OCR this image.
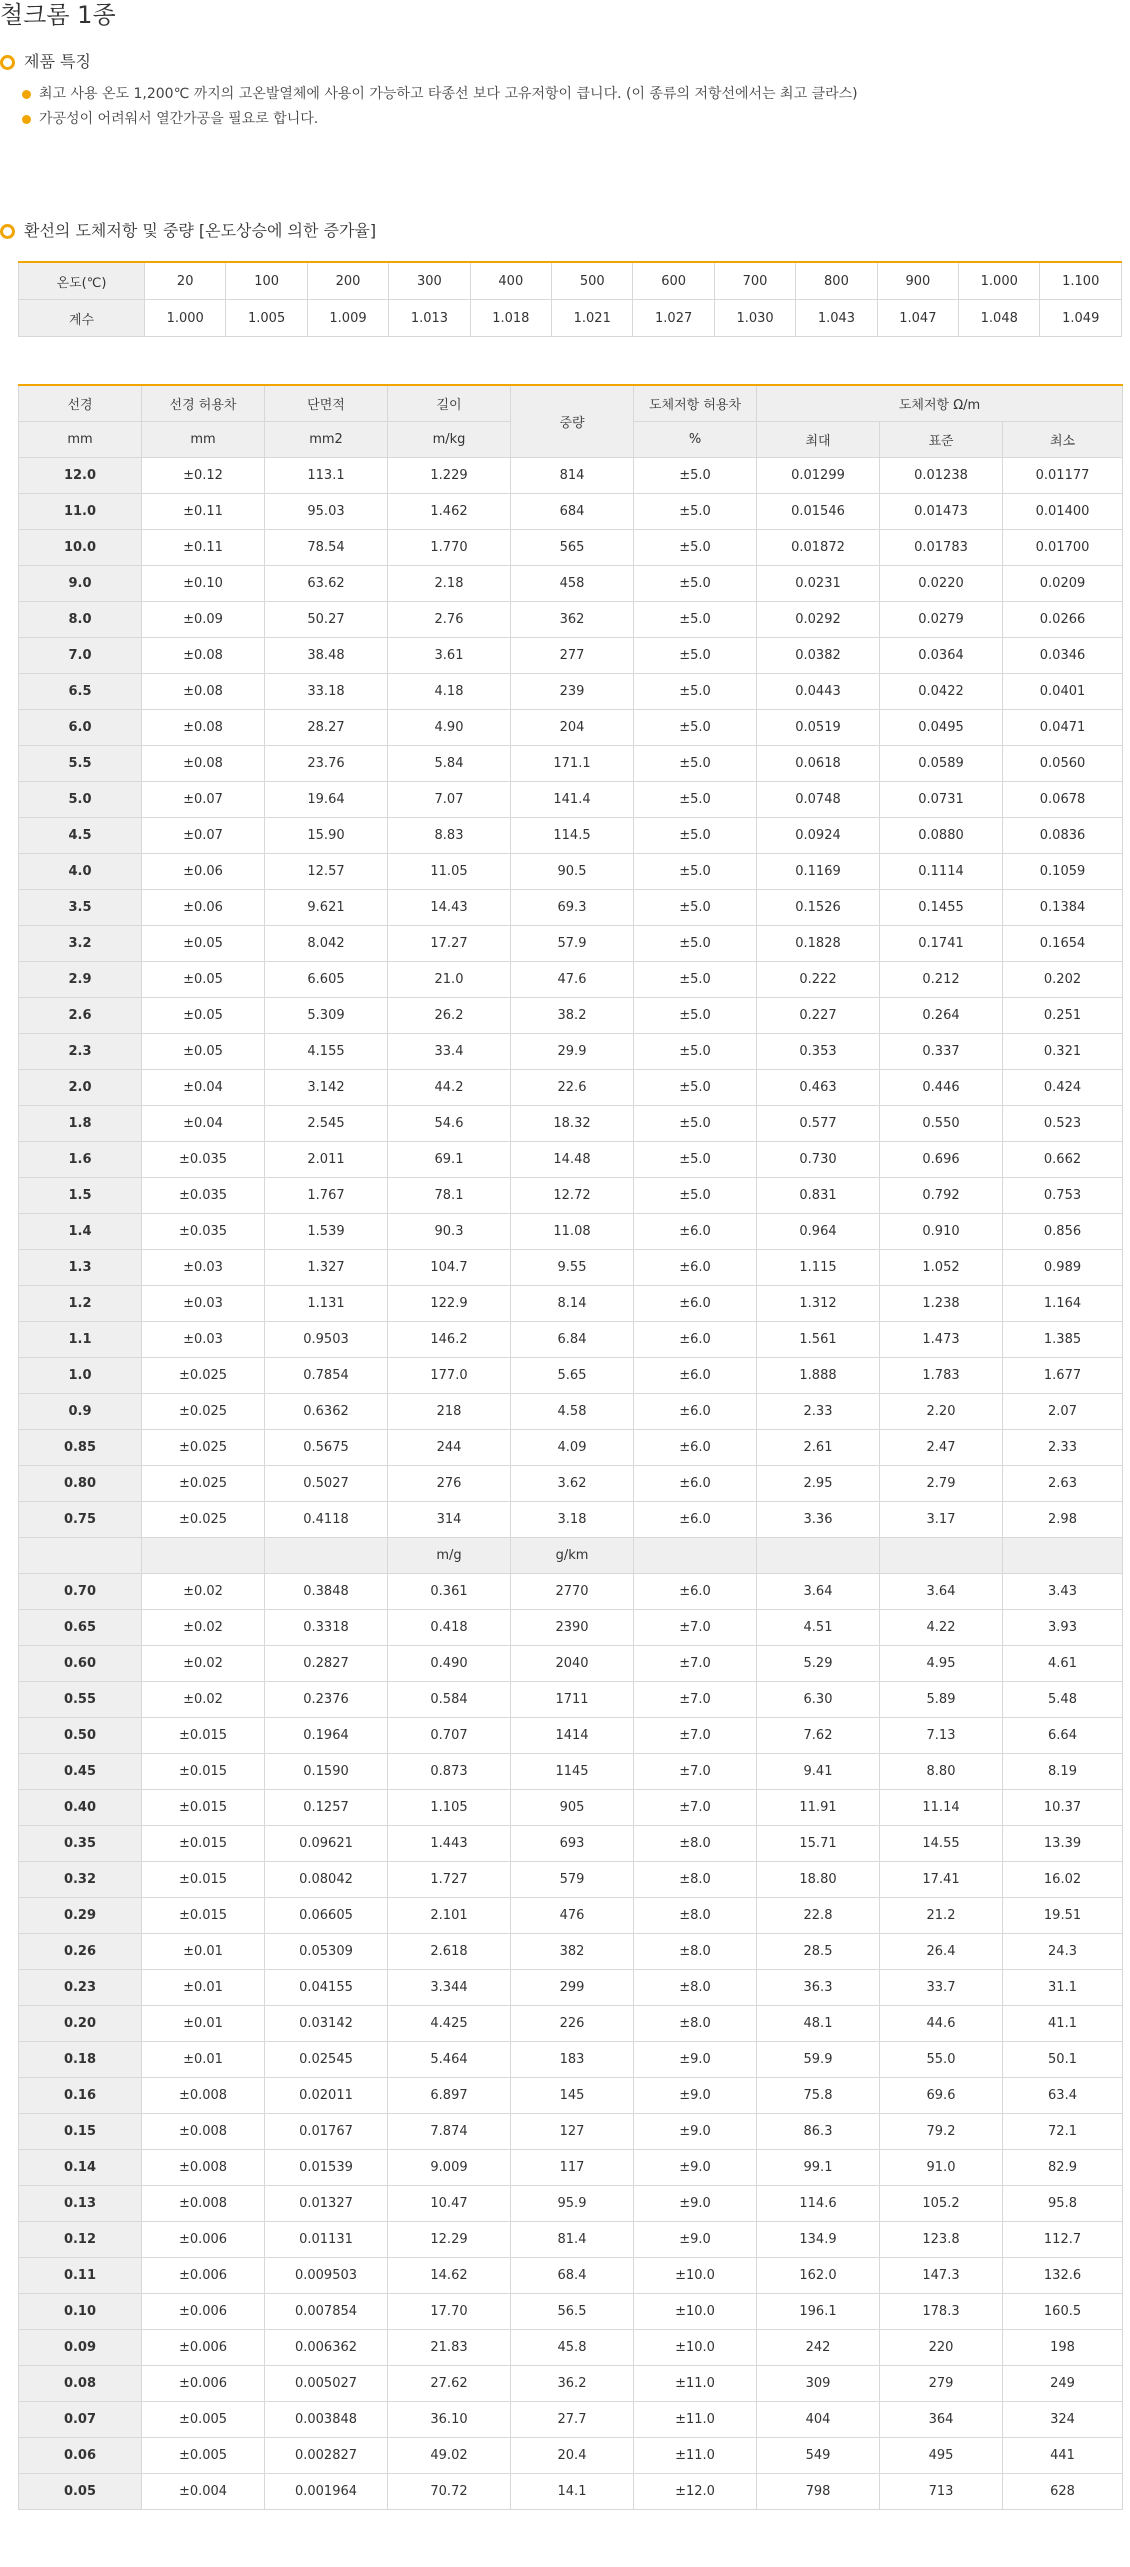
철크롬 1종
제품 특징
최고 사용 온도 1,200℃ 까지의 고온발열체에 사용이 가능하고 타종선 보다 고유저항이 큽니다. (이 종류의 저항선에서는 최고 클라스)
가공성이 어려워서 열간가공을 필요로 합니다.
환선의 도체저항 및 중량 [온도상승에 의한 증가율]
온도(℃)	20	100	200	300	400	500	600	700	800	900	1.000	1.100
계수	1.000	1.005	1.009	1.013	1.018	1.021	1.027	1.030	1.043	1.047	1.048	1.049
선경	선경 허용차	단면적	길이	중량	도체저항 허용차	도체저항 Ω/m		
mm	mm	mm2	m/kg		%	최대	표준	최소
12.0	±0.12	113.1	1.229	814	±5.0	0.01299	0.01238	0.01177
11.0	±0.11	95.03	1.462	684	±5.0	0.01546	0.01473	0.01400
10.0	±0.11	78.54	1.770	565	±5.0	0.01872	0.01783	0.01700
9.0	±0.10	63.62	2.18	458	±5.0	0.0231	0.0220	0.0209
8.0	±0.09	50.27	2.76	362	±5.0	0.0292	0.0279	0.0266
7.0	±0.08	38.48	3.61	277	±5.0	0.0382	0.0364	0.0346
6.5	±0.08	33.18	4.18	239	±5.0	0.0443	0.0422	0.0401
6.0	±0.08	28.27	4.90	204	±5.0	0.0519	0.0495	0.0471
5.5	±0.08	23.76	5.84	171.1	±5.0	0.0618	0.0589	0.0560
5.0	±0.07	19.64	7.07	141.4	±5.0	0.0748	0.0731	0.0678
4.5	±0.07	15.90	8.83	114.5	±5.0	0.0924	0.0880	0.0836
4.0	±0.06	12.57	11.05	90.5	±5.0	0.1169	0.1114	0.1059
3.5	±0.06	9.621	14.43	69.3	±5.0	0.1526	0.1455	0.1384
3.2	±0.05	8.042	17.27	57.9	±5.0	0.1828	0.1741	0.1654
2.9	±0.05	6.605	21.0	47.6	±5.0	0.222	0.212	0.202
2.6	±0.05	5.309	26.2	38.2	±5.0	0.227	0.264	0.251
2.3	±0.05	4.155	33.4	29.9	±5.0	0.353	0.337	0.321
2.0	±0.04	3.142	44.2	22.6	±5.0	0.463	0.446	0.424
1.8	±0.04	2.545	54.6	18.32	±5.0	0.577	0.550	0.523
1.6	±0.035	2.011	69.1	14.48	±5.0	0.730	0.696	0.662
1.5	±0.035	1.767	78.1	12.72	±5.0	0.831	0.792	0.753
1.4	±0.035	1.539	90.3	11.08	±6.0	0.964	0.910	0.856
1.3	±0.03	1.327	104.7	9.55	±6.0	1.115	1.052	0.989
1.2	±0.03	1.131	122.9	8.14	±6.0	1.312	1.238	1.164
1.1	±0.03	0.9503	146.2	6.84	±6.0	1.561	1.473	1.385
1.0	±0.025	0.7854	177.0	5.65	±6.0	1.888	1.783	1.677
0.9	±0.025	0.6362	218	4.58	±6.0	2.33	2.20	2.07
0.85	±0.025	0.5675	244	4.09	±6.0	2.61	2.47	2.33
0.80	±0.025	0.5027	276	3.62	±6.0	2.95	2.79	2.63
0.75	±0.025	0.4118	314	3.18	±6.0	3.36	3.17	2.98
			m/g	g/km				
0.70	±0.02	0.3848	0.361	2770	±6.0	3.64	3.64	3.43
0.65	±0.02	0.3318	0.418	2390	±7.0	4.51	4.22	3.93
0.60	±0.02	0.2827	0.490	2040	±7.0	5.29	4.95	4.61
0.55	±0.02	0.2376	0.584	1711	±7.0	6.30	5.89	5.48
0.50	±0.015	0.1964	0.707	1414	±7.0	7.62	7.13	6.64
0.45	±0.015	0.1590	0.873	1145	±7.0	9.41	8.80	8.19
0.40	±0.015	0.1257	1.105	905	±7.0	11.91	11.14	10.37
0.35	±0.015	0.09621	1.443	693	±8.0	15.71	14.55	13.39
0.32	±0.015	0.08042	1.727	579	±8.0	18.80	17.41	16.02
0.29	±0.015	0.06605	2.101	476	±8.0	22.8	21.2	19.51
0.26	±0.01	0.05309	2.618	382	±8.0	28.5	26.4	24.3
0.23	±0.01	0.04155	3.344	299	±8.0	36.3	33.7	31.1
0.20	±0.01	0.03142	4.425	226	±8.0	48.1	44.6	41.1
0.18	±0.01	0.02545	5.464	183	±9.0	59.9	55.0	50.1
0.16	±0.008	0.02011	6.897	145	±9.0	75.8	69.6	63.4
0.15	±0.008	0.01767	7.874	127	±9.0	86.3	79.2	72.1
0.14	±0.008	0.01539	9.009	117	±9.0	99.1	91.0	82.9
0.13	±0.008	0.01327	10.47	95.9	±9.0	114.6	105.2	95.8
0.12	±0.006	0.01131	12.29	81.4	±9.0	134.9	123.8	112.7
0.11	±0.006	0.009503	14.62	68.4	±10.0	162.0	147.3	132.6
0.10	±0.006	0.007854	17.70	56.5	±10.0	196.1	178.3	160.5
0.09	±0.006	0.006362	21.83	45.8	±10.0	242	220	198
0.08	±0.006	0.005027	27.62	36.2	±11.0	309	279	249
0.07	±0.005	0.003848	36.10	27.7	±11.0	404	364	324
0.06	±0.005	0.002827	49.02	20.4	±11.0	549	495	441
0.05	±0.004	0.001964	70.72	14.1	±12.0	798	713	628
